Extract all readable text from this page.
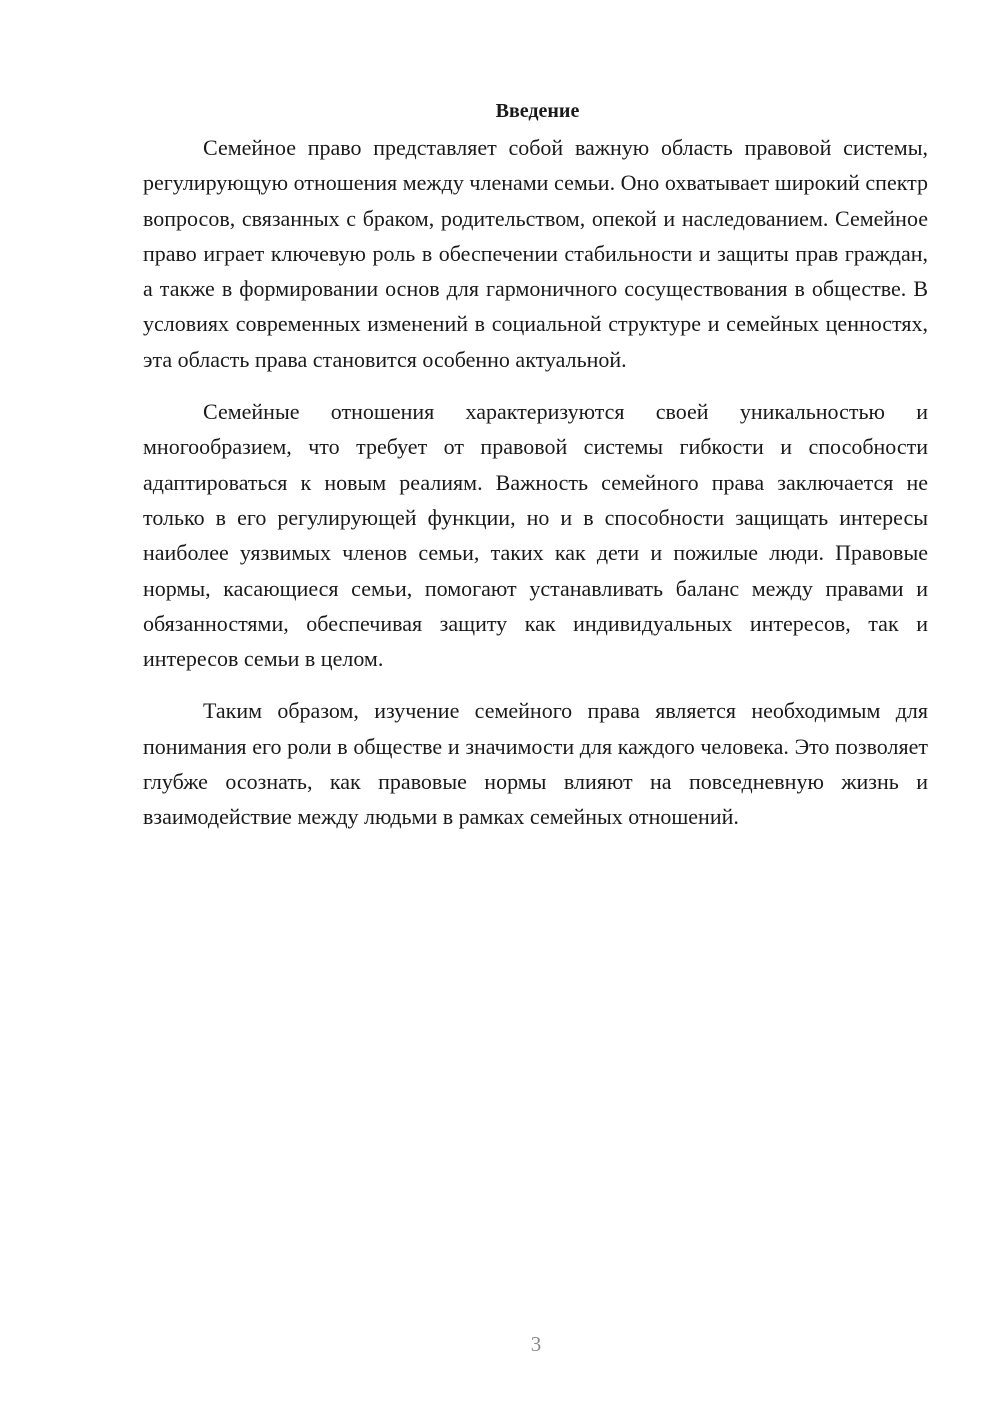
Введение

Семейное право представляет собой важную область правовой системы, регулирующую отношения между членами семьи. Оно охватывает широкий спектр вопросов, связанных с браком, родительством, опекой и наследованием. Семейное право играет ключевую роль в обеспечении стабильности и защиты прав граждан, а также в формировании основ для гармоничного сосуществования в обществе. В условиях современных изменений в социальной структуре и семейных ценностях, эта область права становится особенно актуальной.

Семейные отношения характеризуются своей уникальностью и многообразием, что требует от правовой системы гибкости и способности адаптироваться к новым реалиям. Важность семейного права заключается не только в его регулирующей функции, но и в способности защищать интересы наиболее уязвимых членов семьи, таких как дети и пожилые люди. Правовые нормы, касающиеся семьи, помогают устанавливать баланс между правами и обязанностями, обеспечивая защиту как индивидуальных интересов, так и интересов семьи в целом.

Таким образом, изучение семейного права является необходимым для понимания его роли в обществе и значимости для каждого человека. Это позволяет глубже осознать, как правовые нормы влияют на повседневную жизнь и взаимодействие между людьми в рамках семейных отношений.

3
